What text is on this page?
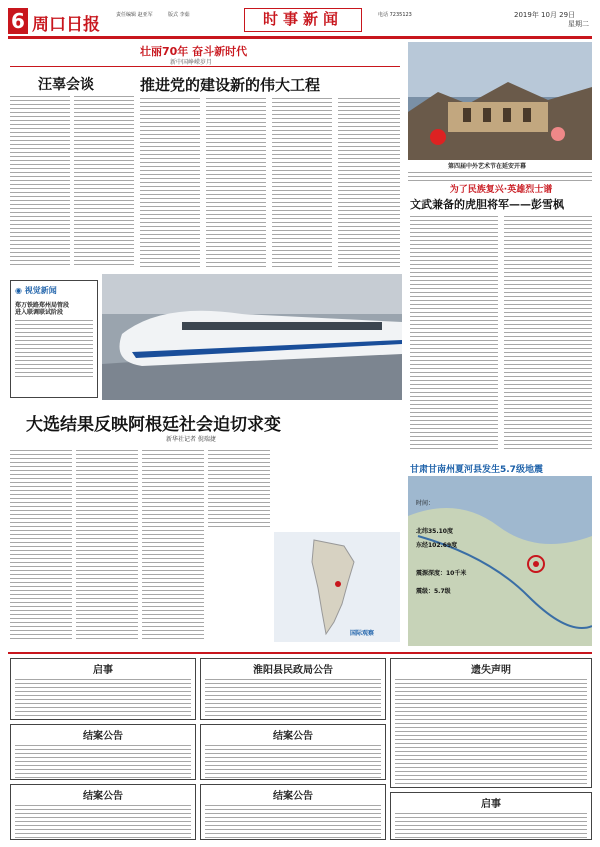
6 周口日报	责任编辑 赵亚军	版式 李茹	时事新闻	电话 7235123	2019年 10月 29日
星期二
壮丽70年 奋斗新时代
新中国峥嵘岁月
汪辜会谈	推进党的建设新的伟大工程
第四届中外艺术节在延安开幕
◉ 视觉新闻
郑万铁路郑州局管段
进入联调联试阶段
大选结果反映阿根廷社会迫切求变
新华社记者 倪瑞捷
国际观察
为了民族复兴·英雄烈士谱
文武兼备的虎胆将军——彭雪枫
甘肃甘南州夏河县发生5.7级地震
时间：
北纬35.10度
东经102.69度
震源深度：10千米
震级：5.7级
启事	淮阳县民政局公告	遗失声明
结案公告	结案公告
结案公告	结案公告
启事
